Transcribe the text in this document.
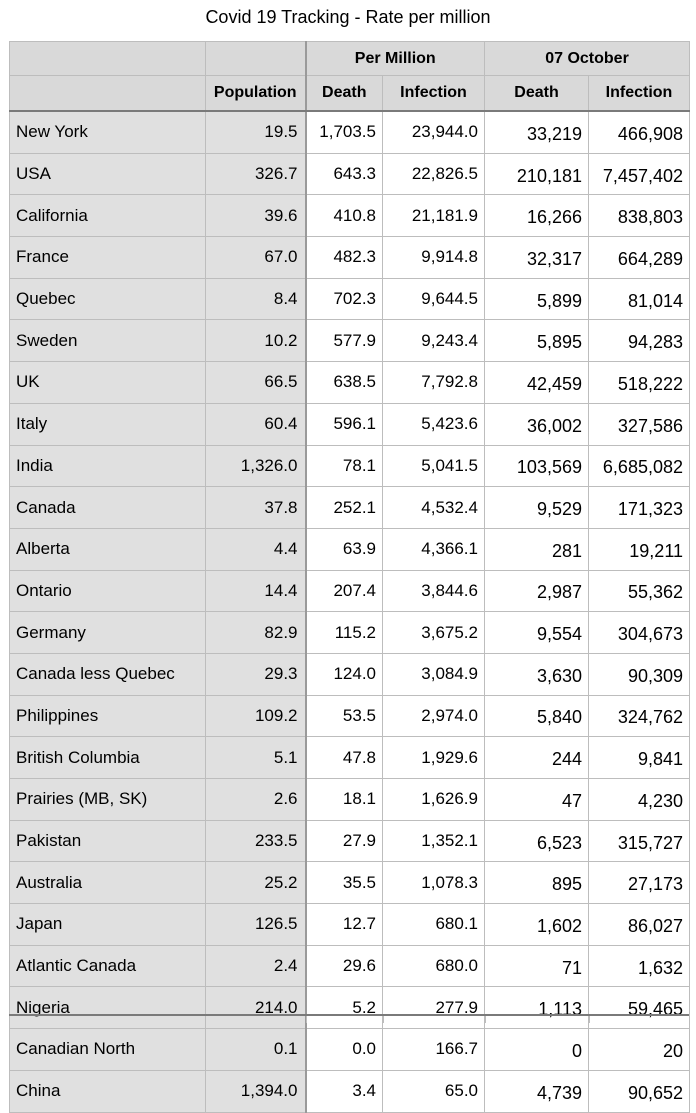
Covid 19 Tracking - Rate per million
		Per Million		07 October	
	Population	Death	Infection	Death	Infection
New York	19.5	1,703.5	23,944.0	33,219	466,908
USA	326.7	643.3	22,826.5	210,181	7,457,402
California	39.6	410.8	21,181.9	16,266	838,803
France	67.0	482.3	9,914.8	32,317	664,289
Quebec	8.4	702.3	9,644.5	5,899	81,014
Sweden	10.2	577.9	9,243.4	5,895	94,283
UK	66.5	638.5	7,792.8	42,459	518,222
Italy	60.4	596.1	5,423.6	36,002	327,586
India	1,326.0	78.1	5,041.5	103,569	6,685,082
Canada	37.8	252.1	4,532.4	9,529	171,323
Alberta	4.4	63.9	4,366.1	281	19,211
Ontario	14.4	207.4	3,844.6	2,987	55,362
Germany	82.9	115.2	3,675.2	9,554	304,673
Canada less Quebec	29.3	124.0	3,084.9	3,630	90,309
Philippines	109.2	53.5	2,974.0	5,840	324,762
British Columbia	5.1	47.8	1,929.6	244	9,841
Prairies (MB, SK)	2.6	18.1	1,626.9	47	4,230
Pakistan	233.5	27.9	1,352.1	6,523	315,727
Australia	25.2	35.5	1,078.3	895	27,173
Japan	126.5	12.7	680.1	1,602	86,027
Atlantic Canada	2.4	29.6	680.0	71	1,632
Nigeria	214.0	5.2	277.9	1,113	59,465
Canadian North	0.1	0.0	166.7	0	20
China	1,394.0	3.4	65.0	4,739	90,652
